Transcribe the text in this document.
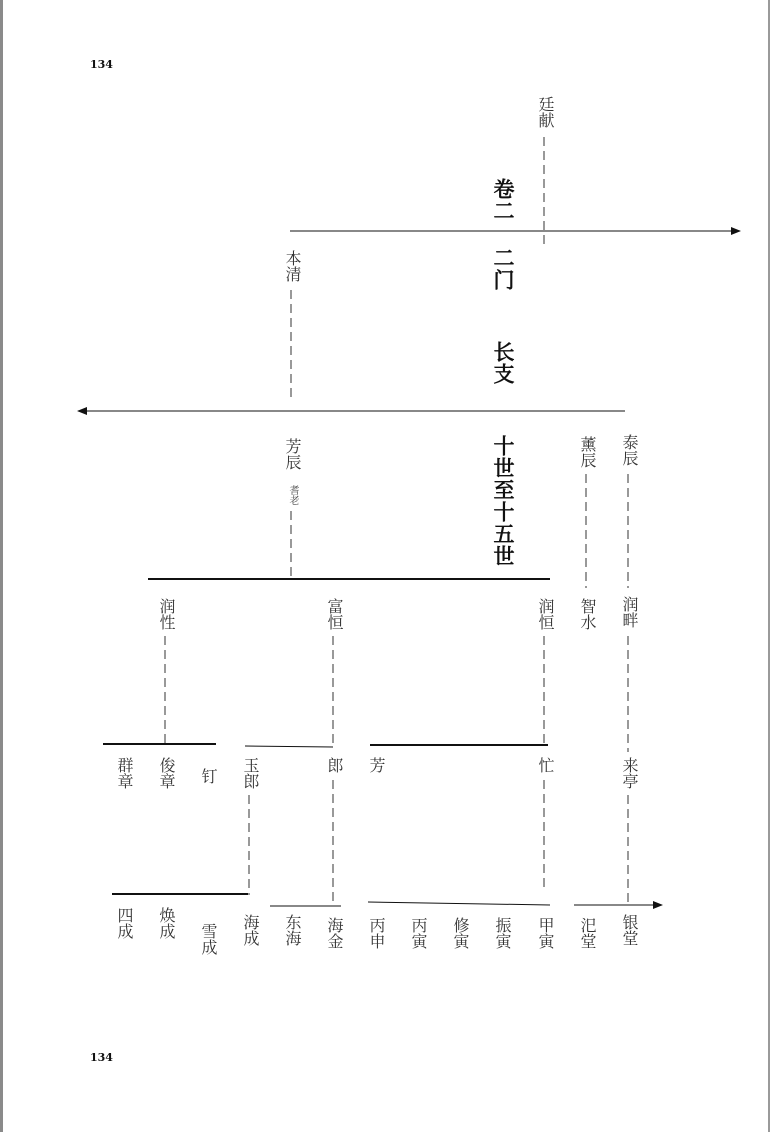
134
134
卷二 二门  长支  十世至十五世
廷献
本清
芳辰
耆老
薰辰 泰辰
润性	富恒	润恒 智水 润畔
群章 俊章 钉 玉郎	郎 芳	忙	来亭
四成 焕成 雪成 海成 东海 海金 丙申 丙寅 修寅 振寅 甲寅 汜堂 银堂
